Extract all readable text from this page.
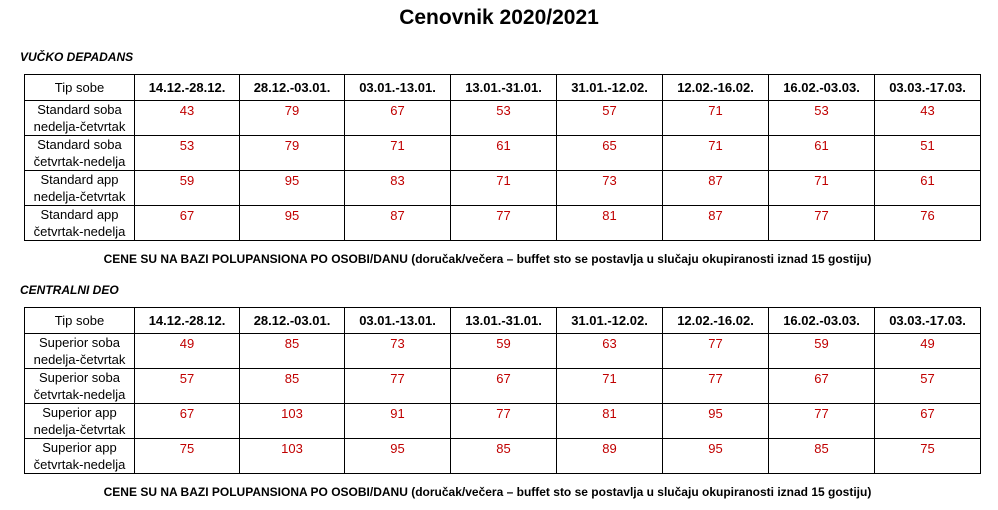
Cenovnik 2020/2021
VUČKO DEPADANS
Tip sobe	14.12.-28.12.	28.12.-03.01.	03.01.-13.01.	13.01.-31.01.	31.01.-12.02.	12.02.-16.02.	16.02.-03.03.	03.03.-17.03.
Standard soba
nedelja-četvrtak	43	79	67	53	57	71	53	43
Standard soba
četvrtak-nedelja	53	79	71	61	65	71	61	51
Standard app
nedelja-četvrtak	59	95	83	71	73	87	71	61
Standard app
četvrtak-nedelja	67	95	87	77	81	87	77	76
CENE SU NA BAZI POLUPANSIONA PO OSOBI/DANU (doručak/večera – buffet sto se postavlja u slučaju okupiranosti iznad 15 gostiju)
CENTRALNI DEO
Tip sobe	14.12.-28.12.	28.12.-03.01.	03.01.-13.01.	13.01.-31.01.	31.01.-12.02.	12.02.-16.02.	16.02.-03.03.	03.03.-17.03.
Superior soba
nedelja-četvrtak	49	85	73	59	63	77	59	49
Superior soba
četvrtak-nedelja	57	85	77	67	71	77	67	57
Superior app
nedelja-četvrtak	67	103	91	77	81	95	77	67
Superior app
četvrtak-nedelja	75	103	95	85	89	95	85	75
CENE SU NA BAZI POLUPANSIONA PO OSOBI/DANU (doručak/večera – buffet sto se postavlja u slučaju okupiranosti iznad 15 gostiju)
